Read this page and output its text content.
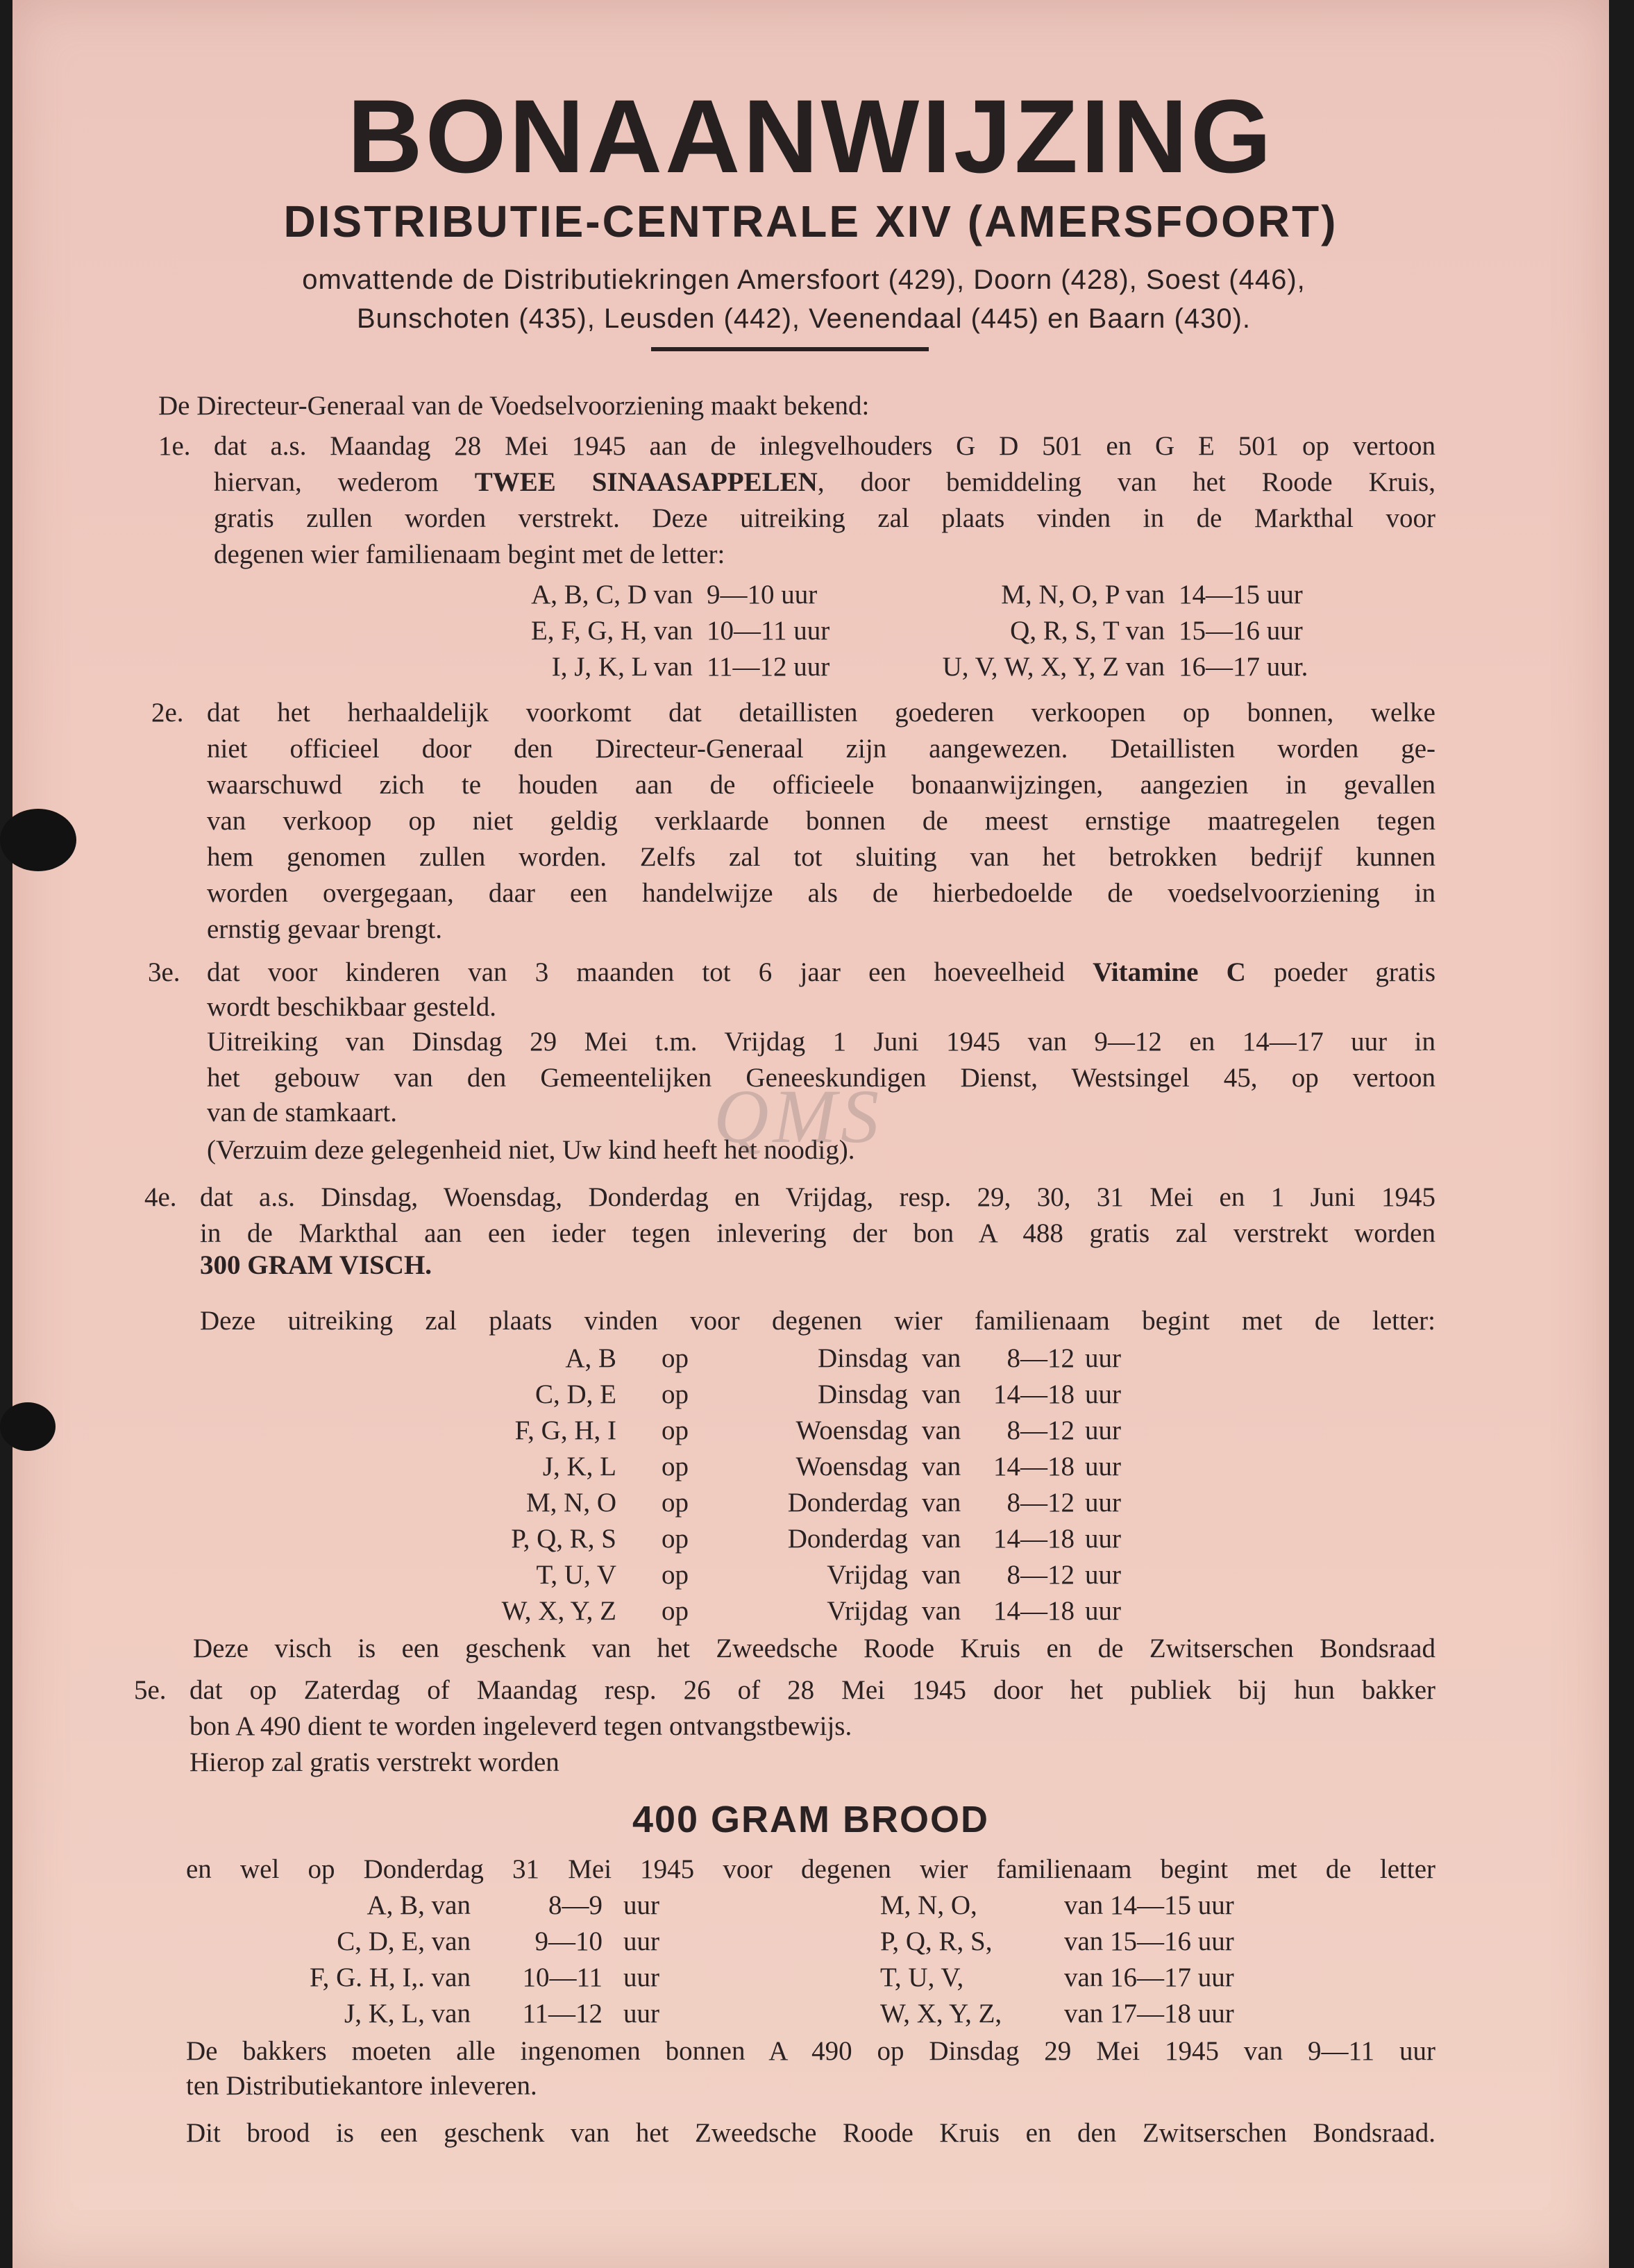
BONAANWIJZING
DISTRIBUTIE-CENTRALE XIV (AMERSFOORT)
omvattende de Distributiekringen Amersfoort (429), Doorn (428), Soest (446),
Bunschoten (435), Leusden (442), Veenendaal (445) en Baarn (430).
De Directeur-Generaal van de Voedselvoorziening maakt bekend:
1e. dat a.s. Maandag 28 Mei 1945 aan de inlegvelhouders G D 501 en G E 501 op vertoon
hiervan, wederom TWEE SINAASAPPELEN, door bemiddeling van het Roode Kruis,
gratis zullen worden verstrekt. Deze uitreiking zal plaats vinden in de Markthal voor
degenen wier familienaam begint met de letter:
A, B, C, D van 9—10 uur	M, N, O, P van 14—15 uur
E, F, G, H, van 10—11 uur	Q, R, S, T van 15—16 uur
I, J, K, L van 11—12 uur	U, V, W, X, Y, Z van 16—17 uur.
2e. dat het herhaaldelijk voorkomt dat detaillisten goederen verkoopen op bonnen, welke
niet officieel door den Directeur-Generaal zijn aangewezen. Detaillisten worden ge-
waarschuwd zich te houden aan de officieele bonaanwijzingen, aangezien in gevallen
van verkoop op niet geldig verklaarde bonnen de meest ernstige maatregelen tegen
hem genomen zullen worden. Zelfs zal tot sluiting van het betrokken bedrijf kunnen
worden overgegaan, daar een handelwijze als de hierbedoelde de voedselvoorziening in
ernstig gevaar brengt.
3e. dat voor kinderen van 3 maanden tot 6 jaar een hoeveelheid Vitamine C poeder gratis
wordt beschikbaar gesteld.
Uitreiking van Dinsdag 29 Mei t.m. Vrijdag 1 Juni 1945 van 9—12 en 14—17 uur in
het gebouw van den Gemeentelijken Geneeskundigen Dienst, Westsingel 45, op vertoon
van de stamkaart.
(Verzuim deze gelegenheid niet, Uw kind heeft het noodig).
QMS
4e. dat a.s. Dinsdag, Woensdag, Donderdag en Vrijdag, resp. 29, 30, 31 Mei en 1 Juni 1945
in de Markthal aan een ieder tegen inlevering der bon A 488 gratis zal verstrekt worden
300 GRAM VISCH.
Deze uitreiking zal plaats vinden voor degenen wier familienaam begint met de letter:
A, B op	Dinsdag van 8—12 uur
C, D, E op	Dinsdag van 14—18 uur
F, G, H, I op	Woensdag van 8—12 uur
J, K, L op	Woensdag van 14—18 uur
M, N, O op	Donderdag van 8—12 uur
P, Q, R, S op	Donderdag van 14—18 uur
T, U, V op	Vrijdag van 8—12 uur
W, X, Y, Z op	Vrijdag van 14—18 uur
Deze visch is een geschenk van het Zweedsche Roode Kruis en de Zwitserschen Bondsraad
5e. dat op Zaterdag of Maandag resp. 26 of 28 Mei 1945 door het publiek bij hun bakker
bon A 490 dient te worden ingeleverd tegen ontvangstbewijs.
Hierop zal gratis verstrekt worden
400 GRAM BROOD
en wel op Donderdag 31 Mei 1945 voor degenen wier familienaam begint met de letter
A, B, van	8—9 uur	M, N, O,	van 14—15 uur
C, D, E, van 9—10 uur	P, Q, R, S,	van 15—16 uur
F, G. H, I,. van 10—11 uur	T, U, V,	van 16—17 uur
J, K, L, van 11—12 uur	W, X, Y, Z, van 17—18 uur
De bakkers moeten alle ingenomen bonnen A 490 op Dinsdag 29 Mei 1945 van 9—11 uur
ten Distributiekantore inleveren.
Dit brood is een geschenk van het Zweedsche Roode Kruis en den Zwitserschen Bondsraad.
